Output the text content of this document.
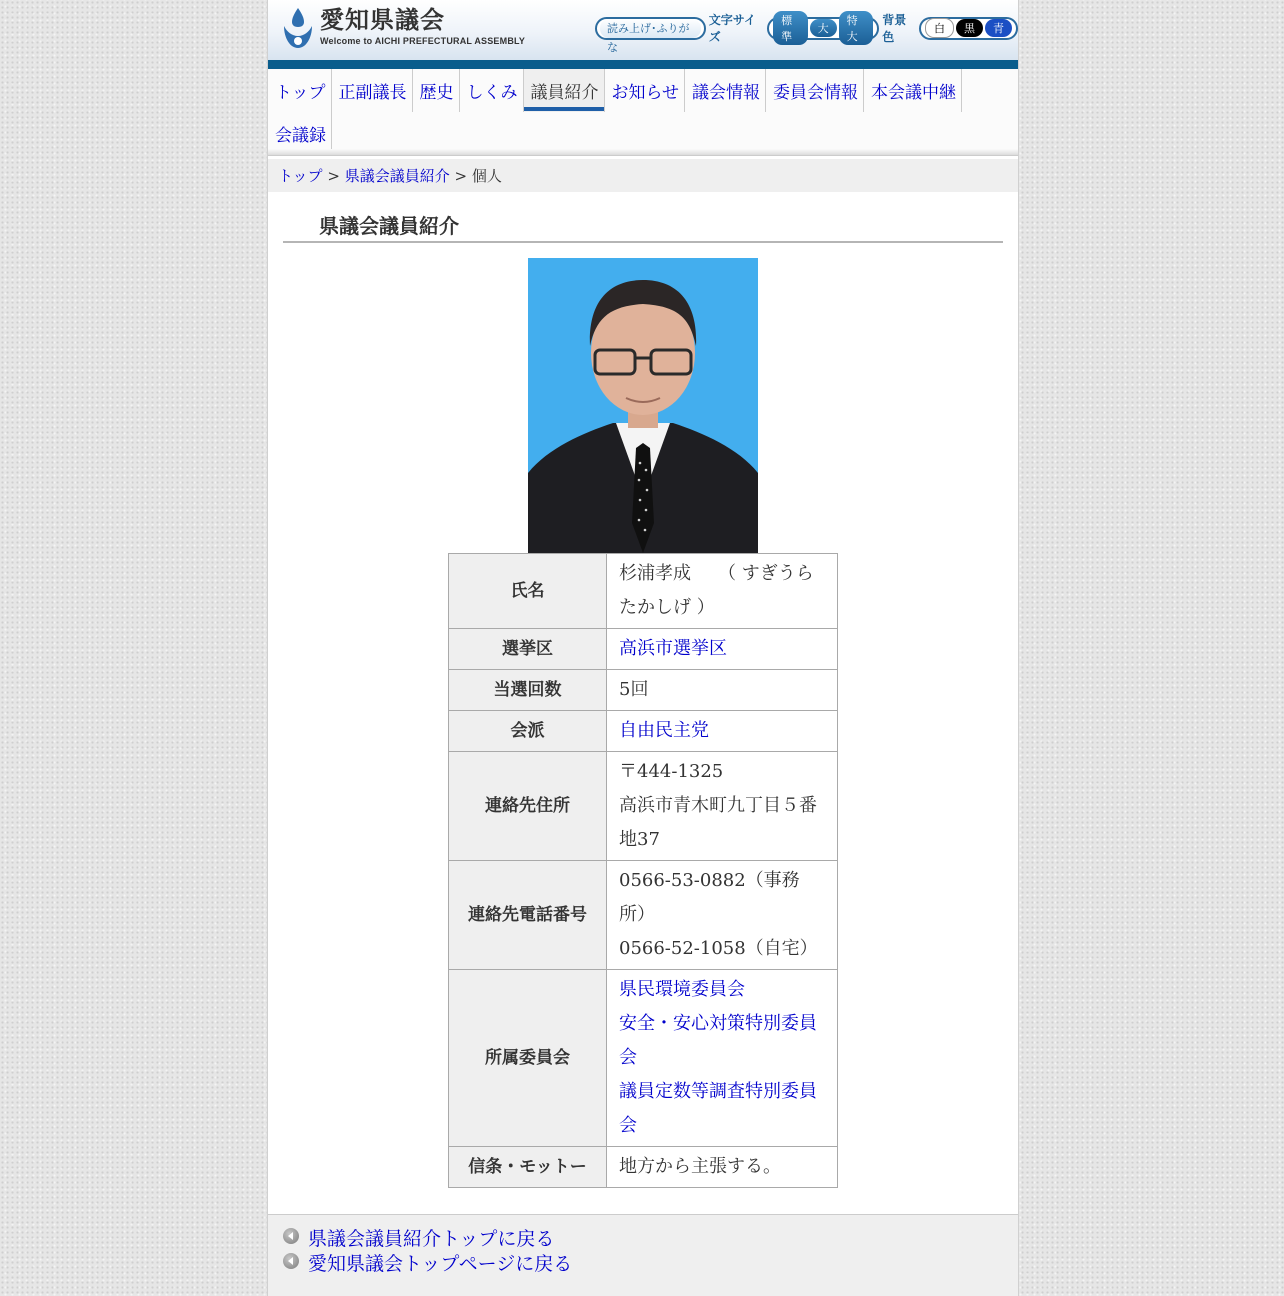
愛知県議会
Welcome to AICHI PREFECTURAL ASSEMBLY
読み上げ･ふりがな
文字サイズ
標準
大
特大
背景色
白	黒	青
トップ 正副議長 歴史 しくみ 議員紹介 お知らせ 議会情報 委員会情報 本会議中継
会議録
トップ > 県議会議員紹介 > 個人
県議会議員紹介
氏名	杉浦孝成　　（ すぎうら たかしげ ）
選挙区	高浜市選挙区
当選回数	5回
会派	自由民主党
連絡先住所	〒444-1325
高浜市青木町九丁目５番地37

連絡先電話番号	0566-53-0882（事務所）
0566-52-1058（自宅）

所属委員会	県民環境委員会
安全・安心対策特別委員会
議員定数等調査特別委員会

信条・モットー	地方から主張する。
県議会議員紹介トップに戻る
愛知県議会トップページに戻る
